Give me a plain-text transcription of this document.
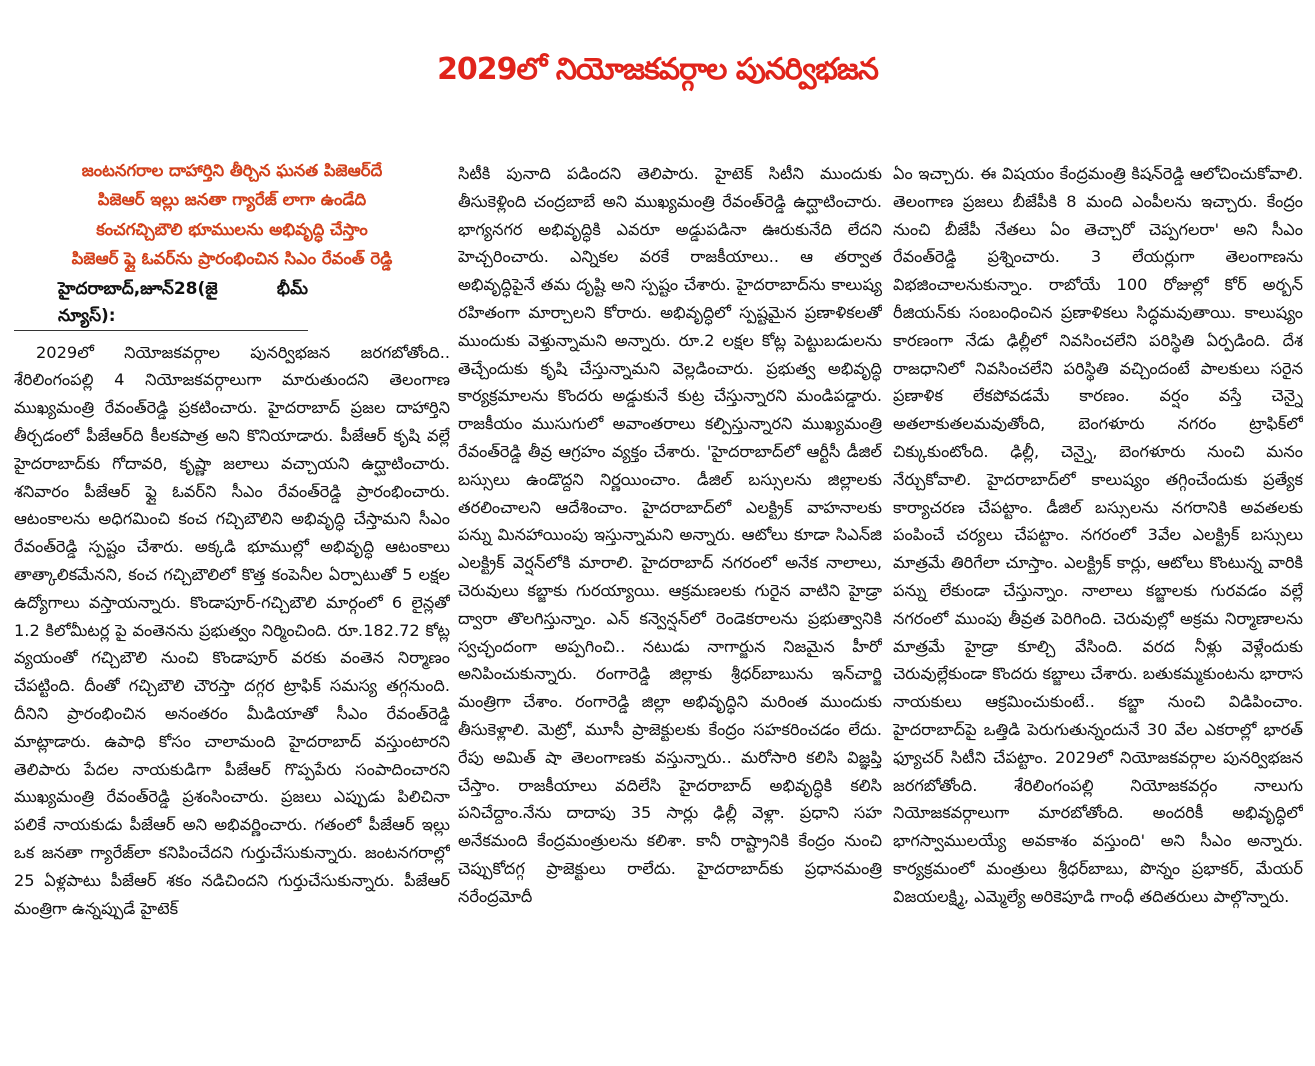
2029లో నియోజకవర్గాల పునర్విభజన
జంటనగరాల దాహార్తిని తీర్చిన ఘనత పిజెఆర్‌దే
పిజెఆర్ ఇల్లు జనతా గ్యారేజ్ లాగా ఉండేది
కంచగచ్చిబౌలి భూములను అభివృద్ధి చేస్తాం
పిజెఆర్ ఫ్లై ఓవర్‌ను ప్రారంభించిన సిఎం రేవంత్ రెడ్డి
హైదరాబాద్,జూన్28(జై భీమ్ న్యూస్):

2029లో నియోజకవర్గాల పునర్విభజన జరగబోతోంది.. శేరిలింగంపల్లి 4 నియోజకవర్గాలుగా మారుతుందని తెలంగాణ ముఖ్యమంత్రి రేవంత్‌రెడ్డి ప్రకటించారు. హైదరాబాద్ ప్రజల దాహార్తిని తీర్చడంలో పీజేఆర్‌ది కీలకపాత్ర అని కొనియాడారు. పీజేఆర్ కృషి వల్లే హైదరాబాద్‌కు గోదావరి, కృష్ణా జలాలు వచ్చాయని ఉద్ఘాటించారు. శనివారం పీజేఆర్ ఫ్లై ఓవర్‌ని సీఎం రేవంత్‌రెడ్డి ప్రారంభించారు. ఆటంకాలను అధిగమించి కంచ గచ్చిబౌలిని అభివృద్ధి చేస్తామని సీఎం రేవంత్‌రెడ్డి స్పష్టం చేశారు. అక్కడి భూముల్లో అభివృద్ధి ఆటంకాలు తాత్కాలికమేనని, కంచ గచ్చిబౌలిలో కొత్త కంపెనీల ఏర్పాటుతో 5 లక్షల ఉద్యోగాలు వస్తాయన్నారు. కొండాపూర్-గచ్చిబౌలి మార్గంలో 6 లైన్లతో 1.2 కిలోమీటర్ల పై వంతెనను ప్రభుత్వం నిర్మించింది. రూ.182.72 కోట్ల వ్యయంతో గచ్చిబౌలి నుంచి కొండాపూర్ వరకు వంతెన నిర్మాణం చేపట్టింది. దీంతో గచ్చిబౌలి చౌరస్తా దగ్గర ట్రాఫిక్ సమస్య తగ్గనుంది. దీనిని ప్రారంభించిన అనంతరం మీడియాతో సీఎం రేవంత్‌రెడ్డి మాట్లాడారు. ఉపాధి కోసం చాలామంది హైదరాబాద్ వస్తుంటారని తెలిపారు పేదల నాయకుడిగా పీజేఆర్ గొప్పపేరు సంపాదించారని ముఖ్యమంత్రి రేవంత్‌రెడ్డి ప్రశంసించారు. ప్రజలు ఎప్పుడు పిలిచినా పలికే నాయకుడు పీజేఆర్ అని అభివర్ణించారు. గతంలో పీజేఆర్ ఇల్లు ఒక జనతా గ్యారేజ్‌లా కనిపించేదని గుర్తుచేసుకున్నారు. జంటనగరాల్లో 25 ఏళ్లపాటు పీజేఆర్ శకం నడిచిందని గుర్తుచేసుకున్నారు. పీజేఆర్ మంత్రిగా ఉన్నప్పుడే హైటెక్

సిటీకి పునాది పడిందని తెలిపారు. హైటెక్ సిటీని ముందుకు తీసుకెళ్లింది చంద్రబాబే అని ముఖ్యమంత్రి రేవంత్‌రెడ్డి ఉద్ఘాటించారు. భాగ్యనగర అభివృద్ధికి ఎవరూ అడ్డుపడినా ఊరుకునేది లేదని హెచ్చరించారు. ఎన్నికల వరకే రాజకీయాలు.. ఆ తర్వాత అభివృద్ధిపైనే తమ దృష్టి అని స్పష్టం చేశారు. హైదరాబాద్‌ను కాలుష్య రహితంగా మార్చాలని కోరారు. అభివృద్ధిలో స్పష్టమైన ప్రణాళికలతో ముందుకు వెళ్తున్నామని అన్నారు. రూ.2 లక్షల కోట్ల పెట్టుబడులను తెచ్చేందుకు కృషి చేస్తున్నామని వెల్లడించారు. ప్రభుత్వ అభివృద్ధి కార్యక్రమాలను కొందరు అడ్డుకునే కుట్ర చేస్తున్నారని మండిపడ్డారు. రాజకీయం ముసుగులో అవాంతరాలు కల్పిస్తున్నారని ముఖ్యమంత్రి రేవంత్‌రెడ్డి తీవ్ర ఆగ్రహం వ్యక్తం చేశారు. 'హైదరాబాద్‌లో ఆర్టీసీ డీజిల్ బస్సులు ఉండొద్దని నిర్ణయించాం. డీజిల్ బస్సులను జిల్లాలకు తరలించాలని ఆదేశించాం. హైదరాబాద్‌లో ఎలక్ట్రిక్ వాహనాలకు పన్ను మినహాయింపు ఇస్తున్నామని అన్నారు. ఆటోలు కూడా సిఎన్‌జి ఎలక్ట్రిక్ వెర్షన్‌లోకి మారాలి. హైదరాబాద్ నగరంలో అనేక నాలాలు, చెరువులు కబ్జాకు గురయ్యాయి. ఆక్రమణలకు గురైన వాటిని హైడ్రా ద్వారా తొలగిస్తున్నాం. ఎన్ కన్వెన్షన్‌లో రెండెకరాలను ప్రభుత్వానికి స్వచ్ఛందంగా అప్పగించి.. నటుడు నాగార్జున నిజమైన హీరో అనిపించుకున్నారు. రంగారెడ్డి జిల్లాకు శ్రీధర్‌బాబును ఇన్‌చార్జి మంత్రిగా చేశాం. రంగారెడ్డి జిల్లా అభివృద్ధిని మరింత ముందుకు తీసుకెళ్లాలి. మెట్రో, మూసీ ప్రాజెక్టులకు కేంద్రం సహకరించడం లేదు. రేపు అమిత్ షా తెలంగాణకు వస్తున్నారు.. మరోసారి కలిసి విజ్ఞప్తి చేస్తాం. రాజకీయాలు వదిలేసి హైదరాబాద్ అభివృద్ధికి కలిసి పనిచేద్దాం.నేను దాదాపు 35 సార్లు ఢిల్లీ వెళ్లా. ప్రధాని సహ అనేకమంది కేంద్రమంత్రులను కలిశా. కానీ రాష్ట్రానికి కేంద్రం నుంచి చెప్పుకోదగ్గ ప్రాజెక్టులు రాలేదు. హైదరాబాద్‌కు ప్రధానమంత్రి నరేంద్రమోదీ

ఏం ఇచ్చారు. ఈ విషయం కేంద్రమంత్రి కిషన్‌రెడ్డి ఆలోచించుకోవాలి. తెలంగాణ ప్రజలు బీజేపీకి 8 మంది ఎంపీలను ఇచ్చారు. కేంద్రం నుంచి బీజేపీ నేతలు ఏం తెచ్చారో చెప్పగలరా' అని సీఎం రేవంత్‌రెడ్డి ప్రశ్నించారు. 3 లేయర్లుగా తెలంగాణను విభజించాలనుకున్నాం. రాబోయే 100 రోజుల్లో కోర్ అర్బన్ రీజియన్‌కు సంబంధించిన ప్రణాళికలు సిద్ధమవుతాయి. కాలుష్యం కారణంగా నేడు ఢిల్లీలో నివసించలేని పరిస్థితి ఏర్పడింది. దేశ రాజధానిలో నివసించలేని పరిస్థితి వచ్చిందంటే పాలకులు సరైన ప్రణాళిక లేకపోవడమే కారణం. వర్షం వస్తే చెన్నై అతలాకుతలమవుతోంది, బెంగళూరు నగరం ట్రాఫిక్‌లో చిక్కుకుంటోంది. ఢిల్లీ, చెన్నై, బెంగళూరు నుంచి మనం నేర్చుకోవాలి. హైదరాబాద్‌లో కాలుష్యం తగ్గించేందుకు ప్రత్యేక కార్యాచరణ చేపట్టాం. డీజిల్ బస్సులను నగరానికి అవతలకు పంపించే చర్యలు చేపట్టాం. నగరంలో 3వేల ఎలక్ట్రిక్ బస్సులు మాత్రమే తిరిగేలా చూస్తాం. ఎలక్ట్రిక్ కార్లు, ఆటోలు కొంటున్న వారికి పన్ను లేకుండా చేస్తున్నాం. నాలాలు కబ్జాలకు గురవడం వల్లే నగరంలో ముంపు తీవ్రత పెరిగింది. చెరువుల్లో అక్రమ నిర్మాణాలను మాత్రమే హైడ్రా కూల్చి వేసింది. వరద నీళ్లు వెళ్లేందుకు చెరువుల్లేకుండా కొందరు కబ్జాలు చేశారు. బతుకమ్మకుంటను భారాస నాయకులు ఆక్రమించుకుంటే.. కబ్జా నుంచి విడిపించాం. హైదరాబాద్‌పై ఒత్తిడి పెరుగుతున్నందునే 30 వేల ఎకరాల్లో భారత్ ఫ్యూచర్ సిటీని చేపట్టాం. 2029లో నియోజకవర్గాల పునర్విభజన జరగబోతోంది. శేరిలింగంపల్లి నియోజకవర్గం నాలుగు నియోజకవర్గాలుగా మారబోతోంది. అందరికీ అభివృద్ధిలో భాగస్వాములయ్యే అవకాశం వస్తుంది' అని సీఎం అన్నారు. కార్యక్రమంలో మంత్రులు శ్రీధర్‌బాబు, పొన్నం ప్రభాకర్, మేయర్ విజయలక్ష్మి, ఎమ్మెల్యే అరికెపూడి గాంధీ తదితరులు పాల్గొన్నారు.
